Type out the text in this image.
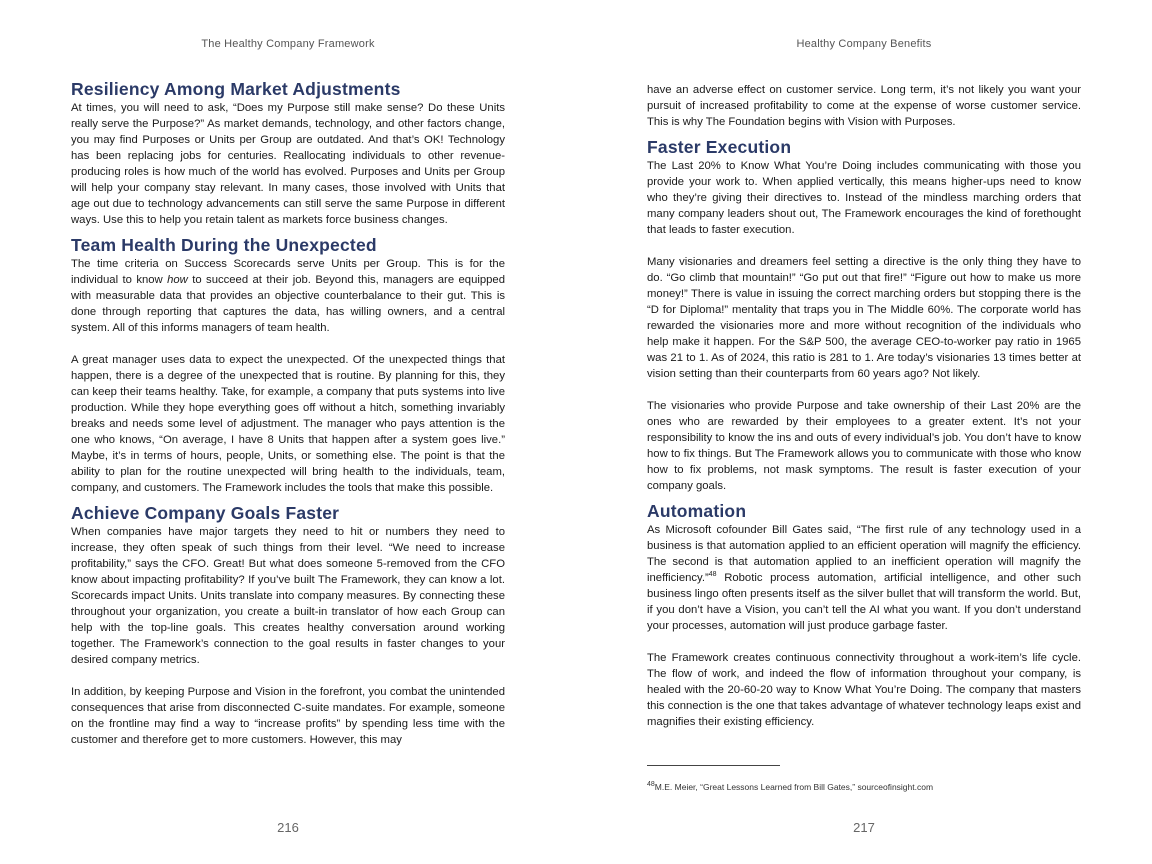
The Healthy Company Framework
Resiliency Among Market Adjustments

At times, you will need to ask, “Does my Purpose still make sense? Do these Units really serve the Purpose?” As market demands, technology, and other factors change, you may find Purposes or Units per Group are outdated. And that’s OK! Technology has been replacing jobs for centuries. Reallocating individuals to other revenue-producing roles is how much of the world has evolved. Purposes and Units per Group will help your company stay relevant. In many cases, those involved with Units that age out due to technology advancements can still serve the same Purpose in different ways. Use this to help you retain talent as markets force business changes.

Team Health During the Unexpected

The time criteria on Success Scorecards serve Units per Group. This is for the individual to know how to succeed at their job. Beyond this, managers are equipped with measurable data that provides an objective counterbalance to their gut. This is done through reporting that captures the data, has willing owners, and a central system. All of this informs managers of team health.

A great manager uses data to expect the unexpected. Of the unexpected things that happen, there is a degree of the unexpected that is routine. By planning for this, they can keep their teams healthy. Take, for example, a company that puts systems into live production. While they hope everything goes off without a hitch, something invariably breaks and needs some level of adjustment. The manager who pays attention is the one who knows, “On average, I have 8 Units that happen after a system goes live.” Maybe, it’s in terms of hours, people, Units, or something else. The point is that the ability to plan for the routine unexpected will bring health to the individuals, team, company, and customers. The Framework includes the tools that make this possible.

Achieve Company Goals Faster

When companies have major targets they need to hit or numbers they need to increase, they often speak of such things from their level. “We need to increase profitability,” says the CFO. Great! But what does someone 5-removed from the CFO know about impacting profitability? If you’ve built The Framework, they can know a lot. Scorecards impact Units. Units translate into company measures. By connecting these throughout your organization, you create a built-in translator of how each Group can help with the top-line goals. This creates healthy conversation around working together. The Framework’s connection to the goal results in faster changes to your desired company metrics.

In addition, by keeping Purpose and Vision in the forefront, you combat the unintended consequences that arise from disconnected C-suite mandates. For example, someone on the frontline may find a way to “increase profits” by spending less time with the customer and therefore get to more customers. However, this may

216
Healthy Company Benefits

have an adverse effect on customer service. Long term, it’s not likely you want your pursuit of increased profitability to come at the expense of worse customer service. This is why The Foundation begins with Vision with Purposes.

Faster Execution

The Last 20% to Know What You’re Doing includes communicating with those you provide your work to. When applied vertically, this means higher-ups need to know who they’re giving their directives to. Instead of the mindless marching orders that many company leaders shout out, The Framework encourages the kind of forethought that leads to faster execution.

Many visionaries and dreamers feel setting a directive is the only thing they have to do. “Go climb that mountain!” “Go put out that fire!” “Figure out how to make us more money!” There is value in issuing the correct marching orders but stopping there is the “D for Diploma!” mentality that traps you in The Middle 60%. The corporate world has rewarded the visionaries more and more without recognition of the individuals who help make it happen. For the S&P 500, the average CEO-to-worker pay ratio in 1965 was 21 to 1. As of 2024, this ratio is 281 to 1. Are today’s visionaries 13 times better at vision setting than their counterparts from 60 years ago? Not likely.

The visionaries who provide Purpose and take ownership of their Last 20% are the ones who are rewarded by their employees to a greater extent. It’s not your responsibility to know the ins and outs of every individual’s job. You don’t have to know how to fix things. But The Framework allows you to communicate with those who know how to fix problems, not mask symptoms. The result is faster execution of your company goals.

Automation

As Microsoft cofounder Bill Gates said, “The first rule of any technology used in a business is that automation applied to an efficient operation will magnify the efficiency. The second is that automation applied to an inefficient operation will magnify the inefficiency.”$^{48}$ Robotic process automation, artificial intelligence, and other such business lingo often presents itself as the silver bullet that will transform the world. But, if you don’t have a Vision, you can’t tell the AI what you want. If you don’t understand your processes, automation will just produce garbage faster.

The Framework creates continuous connectivity throughout a work-item’s life cycle. The flow of work, and indeed the flow of information throughout your company, is healed with the 20-60-20 way to Know What You’re Doing. The company that masters this connection is the one that takes advantage of whatever technology leaps exist and magnifies their existing efficiency.

$^{48}$M.E. Meier, “Great Lessons Learned from Bill Gates,” sourceofinsight.com
217
